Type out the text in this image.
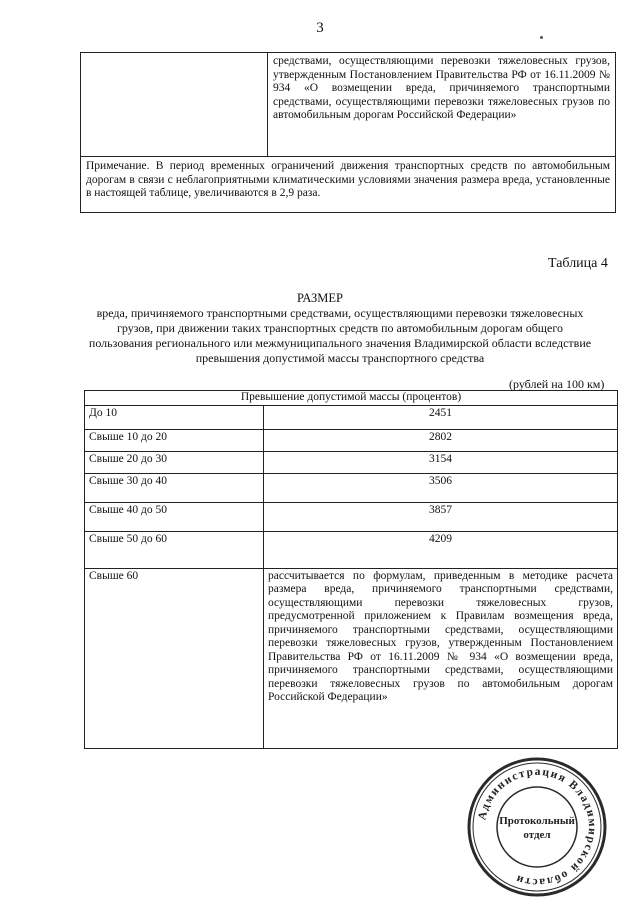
3
	средствами, осуществляющими перевозки тяжеловесных грузов, утвержденным Постановлением Правительства РФ от 16.11.2009 № 934 «О возмещении вреда, причиняемого транспортными средствами, осуществляющими перевозки тяжеловесных грузов по автомобильным дорогам Российской Федерации»
Примечание. В период временных ограничений движения транспортных средств по автомобильным дорогам в связи с неблагоприятными климатическими условиями значения размера вреда, установленные в настоящей таблице, увеличиваются в 2,9 раза.
Таблица 4
РАЗМЕР
вреда, причиняемого транспортными средствами, осуществляющими перевозки тяжеловесных
грузов, при движении таких транспортных средств по автомобильным дорогам общего
пользования регионального или межмуниципального значения Владимирской области вследствие
превышения допустимой массы транспортного средства
(рублей на 100 км)
Превышение допустимой массы (процентов)	
До 10	2451
Свыше 10 до 20	2802
Свыше 20 до 30	3154
Свыше 30 до 40	3506
Свыше 40 до 50	3857
Свыше 50 до 60	4209
Свыше 60	рассчитывается по формулам, приведенным в методике расчета размера вреда, причиняемого транспортными средствами, осуществляющими перевозки тяжеловесных грузов, предусмотренной приложением к Правилам возмещения вреда, причиняемого транспортными средствами, осуществляющими перевозки тяжеловесных грузов, утвержденным Постановлением Правительства РФ от 16.11.2009 № 934 «О возмещении вреда, причиняемого транспортными средствами, осуществляющими перевозки тяжеловесных грузов по автомобильным дорогам Российской Федерации»
Администрация Владимирской области
Протокольный
отдел
